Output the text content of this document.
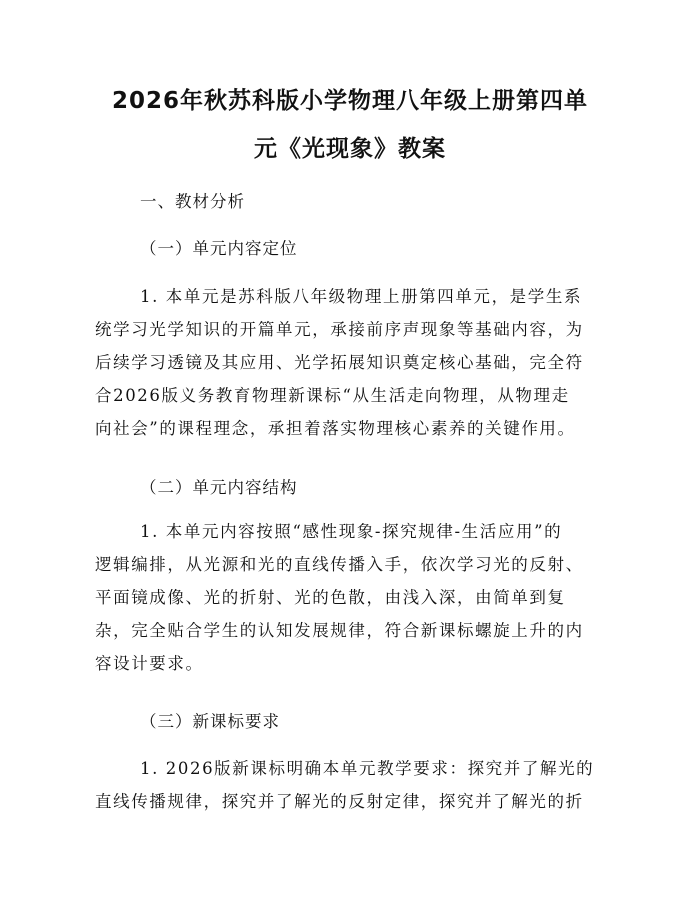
2026年秋苏科版小学物理八年级上册第四单
元《光现象》教案
一、教材分析
（一）单元内容定位
1. 本单元是苏科版八年级物理上册第四单元，是学生系
统学习光学知识的开篇单元，承接前序声现象等基础内容，为
后续学习透镜及其应用、光学拓展知识奠定核心基础，完全符
合2026版义务教育物理新课标“从生活走向物理，从物理走
向社会”的课程理念，承担着落实物理核心素养的关键作用。
（二）单元内容结构
1. 本单元内容按照“感性现象-探究规律-生活应用”的
逻辑编排，从光源和光的直线传播入手，依次学习光的反射、
平面镜成像、光的折射、光的色散，由浅入深，由简单到复
杂，完全贴合学生的认知发展规律，符合新课标螺旋上升的内
容设计要求。
（三）新课标要求
1. 2026版新课标明确本单元教学要求：探究并了解光的
直线传播规律，探究并了解光的反射定律，探究并了解光的折
